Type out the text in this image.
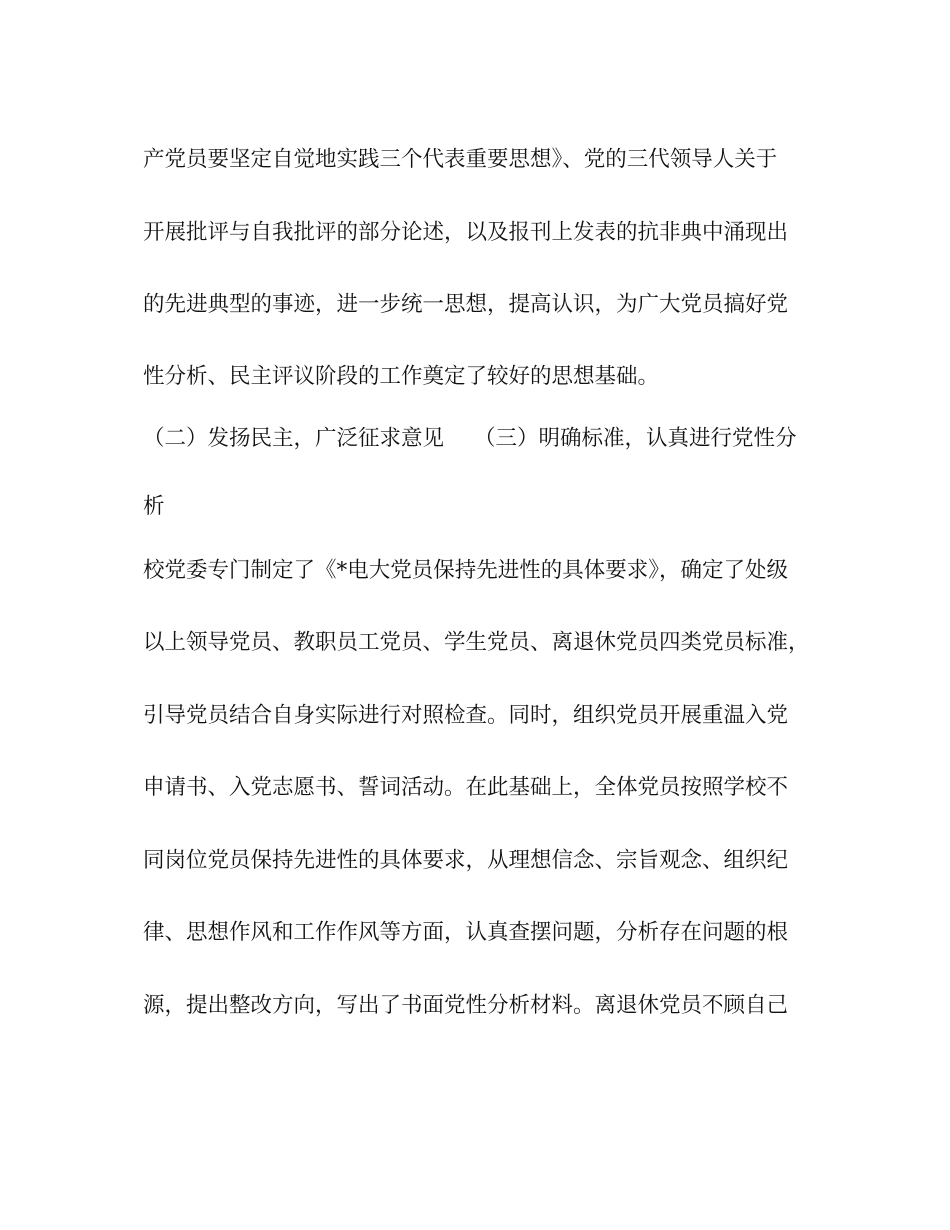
产党员要坚定自觉地实践三个代表重要思想》、党的三代领导人关于
开展批评与自我批评的部分论述，以及报刊上发表的抗非典中涌现出
的先进典型的事迹，进一步统一思想，提高认识，为广大党员搞好党
性分析、民主评议阶段的工作奠定了较好的思想基础。
（二）发扬民主，广泛征求意见 （三）明确标准，认真进行党性分
析
校党委专门制定了《*电大党员保持先进性的具体要求》，确定了处级
以上领导党员、教职员工党员、学生党员、离退休党员四类党员标准，
引导党员结合自身实际进行对照检查。同时，组织党员开展重温入党
申请书、入党志愿书、誓词活动。在此基础上，全体党员按照学校不
同岗位党员保持先进性的具体要求，从理想信念、宗旨观念、组织纪
律、思想作风和工作作风等方面，认真查摆问题，分析存在问题的根
源，提出整改方向，写出了书面党性分析材料。离退休党员不顾自己
